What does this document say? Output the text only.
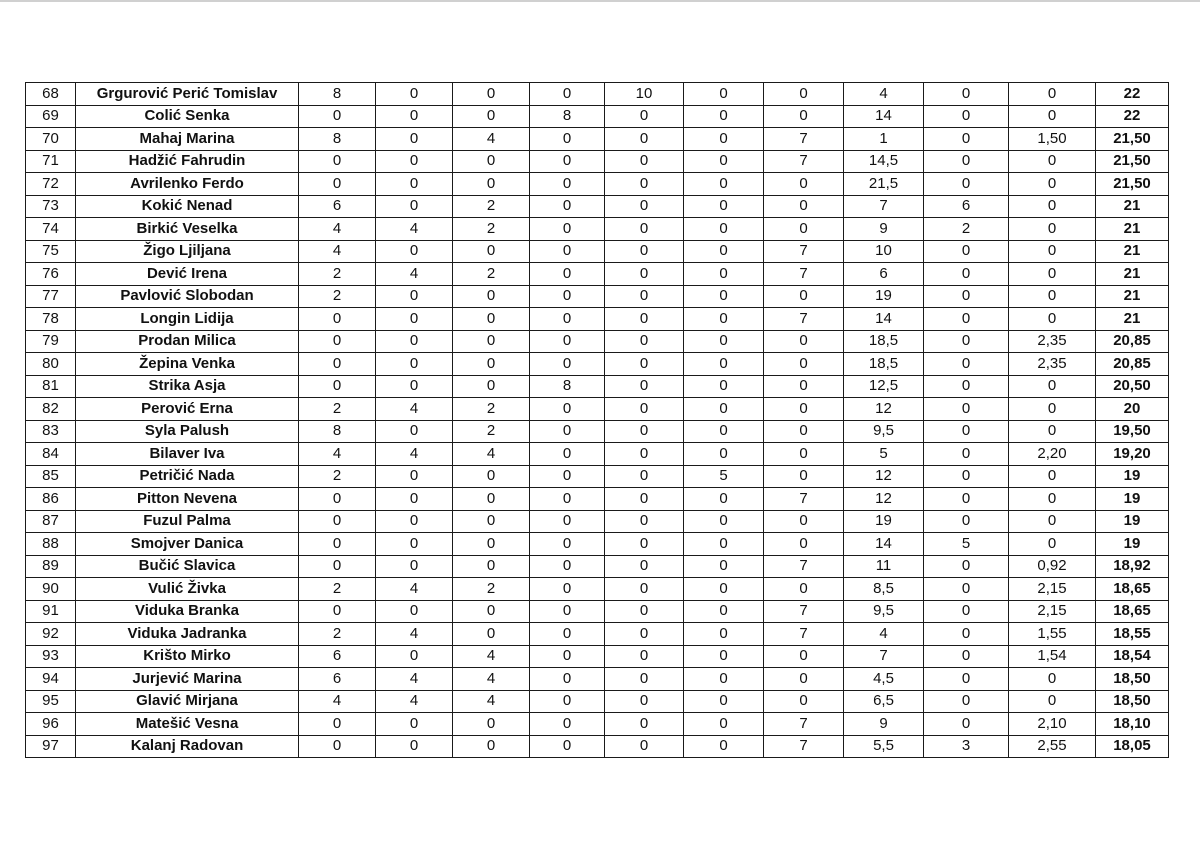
68	Grgurović Perić Tomislav	8	0	0	0	10	0	0	4	0	0	22
69	Colić Senka	0	0	0	8	0	0	0	14	0	0	22
70	Mahaj Marina	8	0	4	0	0	0	7	1	0	1,50	21,50
71	Hadžić Fahrudin	0	0	0	0	0	0	7	14,5	0	0	21,50
72	Avrilenko Ferdo	0	0	0	0	0	0	0	21,5	0	0	21,50
73	Kokić Nenad	6	0	2	0	0	0	0	7	6	0	21
74	Birkić Veselka	4	4	2	0	0	0	0	9	2	0	21
75	Žigo Ljiljana	4	0	0	0	0	0	7	10	0	0	21
76	Dević Irena	2	4	2	0	0	0	7	6	0	0	21
77	Pavlović Slobodan	2	0	0	0	0	0	0	19	0	0	21
78	Longin Lidija	0	0	0	0	0	0	7	14	0	0	21
79	Prodan Milica	0	0	0	0	0	0	0	18,5	0	2,35	20,85
80	Žepina Venka	0	0	0	0	0	0	0	18,5	0	2,35	20,85
81	Strika Asja	0	0	0	8	0	0	0	12,5	0	0	20,50
82	Perović Erna	2	4	2	0	0	0	0	12	0	0	20
83	Syla Palush	8	0	2	0	0	0	0	9,5	0	0	19,50
84	Bilaver Iva	4	4	4	0	0	0	0	5	0	2,20	19,20
85	Petričić Nada	2	0	0	0	0	5	0	12	0	0	19
86	Pitton Nevena	0	0	0	0	0	0	7	12	0	0	19
87	Fuzul Palma	0	0	0	0	0	0	0	19	0	0	19
88	Smojver Danica	0	0	0	0	0	0	0	14	5	0	19
89	Bučić Slavica	0	0	0	0	0	0	7	11	0	0,92	18,92
90	Vulić Živka	2	4	2	0	0	0	0	8,5	0	2,15	18,65
91	Viduka Branka	0	0	0	0	0	0	7	9,5	0	2,15	18,65
92	Viduka Jadranka	2	4	0	0	0	0	7	4	0	1,55	18,55
93	Krišto Mirko	6	0	4	0	0	0	0	7	0	1,54	18,54
94	Jurjević Marina	6	4	4	0	0	0	0	4,5	0	0	18,50
95	Glavić Mirjana	4	4	4	0	0	0	0	6,5	0	0	18,50
96	Matešić Vesna	0	0	0	0	0	0	7	9	0	2,10	18,10
97	Kalanj Radovan	0	0	0	0	0	0	7	5,5	3	2,55	18,05
